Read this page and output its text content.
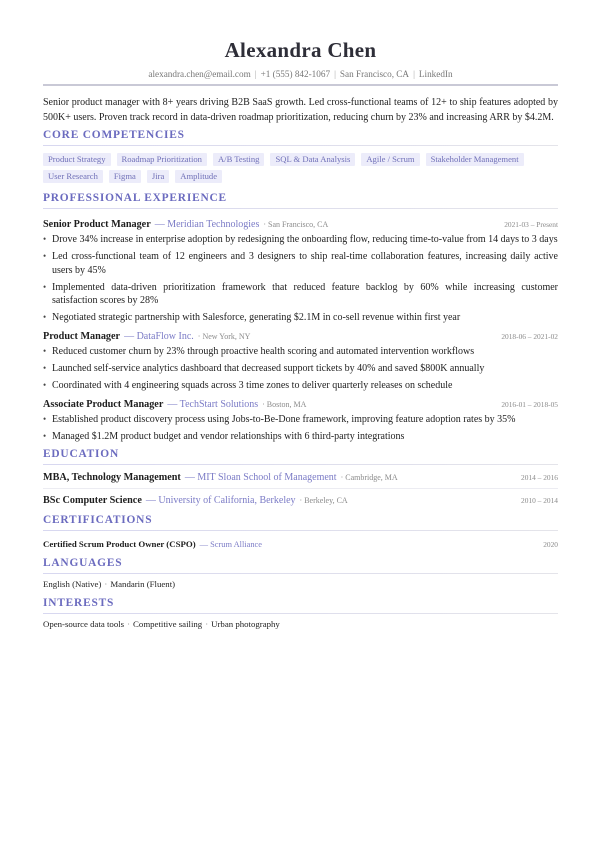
Alexandra Chen
alexandra.chen@email.com | +1 (555) 842-1067 | San Francisco, CA | LinkedIn
Senior product manager with 8+ years driving B2B SaaS growth. Led cross-functional teams of 12+ to ship features adopted by 500K+ users. Proven track record in data-driven roadmap prioritization, reducing churn by 23% and increasing ARR by $4.2M.
CORE COMPETENCIES
Product Strategy	Roadmap Prioritization	A/B Testing	SQL & Data Analysis	Agile / Scrum	Stakeholder Management
User Research	Figma	Jira	Amplitude
PROFESSIONAL EXPERIENCE
Senior Product Manager — Meridian Technologies · San Francisco, CA	2021-03 – Present
• Drove 34% increase in enterprise adoption by redesigning the onboarding flow, reducing time-to-value from 14 days to 3 days
• Led cross-functional team of 12 engineers and 3 designers to ship real-time collaboration features, increasing daily active users by 45%
• Implemented data-driven prioritization framework that reduced feature backlog by 60% while increasing customer satisfaction scores by 28%
• Negotiated strategic partnership with Salesforce, generating $2.1M in co-sell revenue within first year
Product Manager — DataFlow Inc. · New York, NY	2018-06 – 2021-02
• Reduced customer churn by 23% through proactive health scoring and automated intervention workflows
• Launched self-service analytics dashboard that decreased support tickets by 40% and saved $800K annually
• Coordinated with 4 engineering squads across 3 time zones to deliver quarterly releases on schedule
Associate Product Manager — TechStart Solutions · Boston, MA	2016-01 – 2018-05
• Established product discovery process using Jobs-to-Be-Done framework, improving feature adoption rates by 35%
• Managed $1.2M product budget and vendor relationships with 6 third-party integrations
EDUCATION
MBA, Technology Management — MIT Sloan School of Management · Cambridge, MA	2014 – 2016
BSc Computer Science — University of California, Berkeley · Berkeley, CA	2010 – 2014
CERTIFICATIONS
Certified Scrum Product Owner (CSPO) — Scrum Alliance	2020
LANGUAGES
English (Native) · Mandarin (Fluent)
INTERESTS
Open-source data tools · Competitive sailing · Urban photography
